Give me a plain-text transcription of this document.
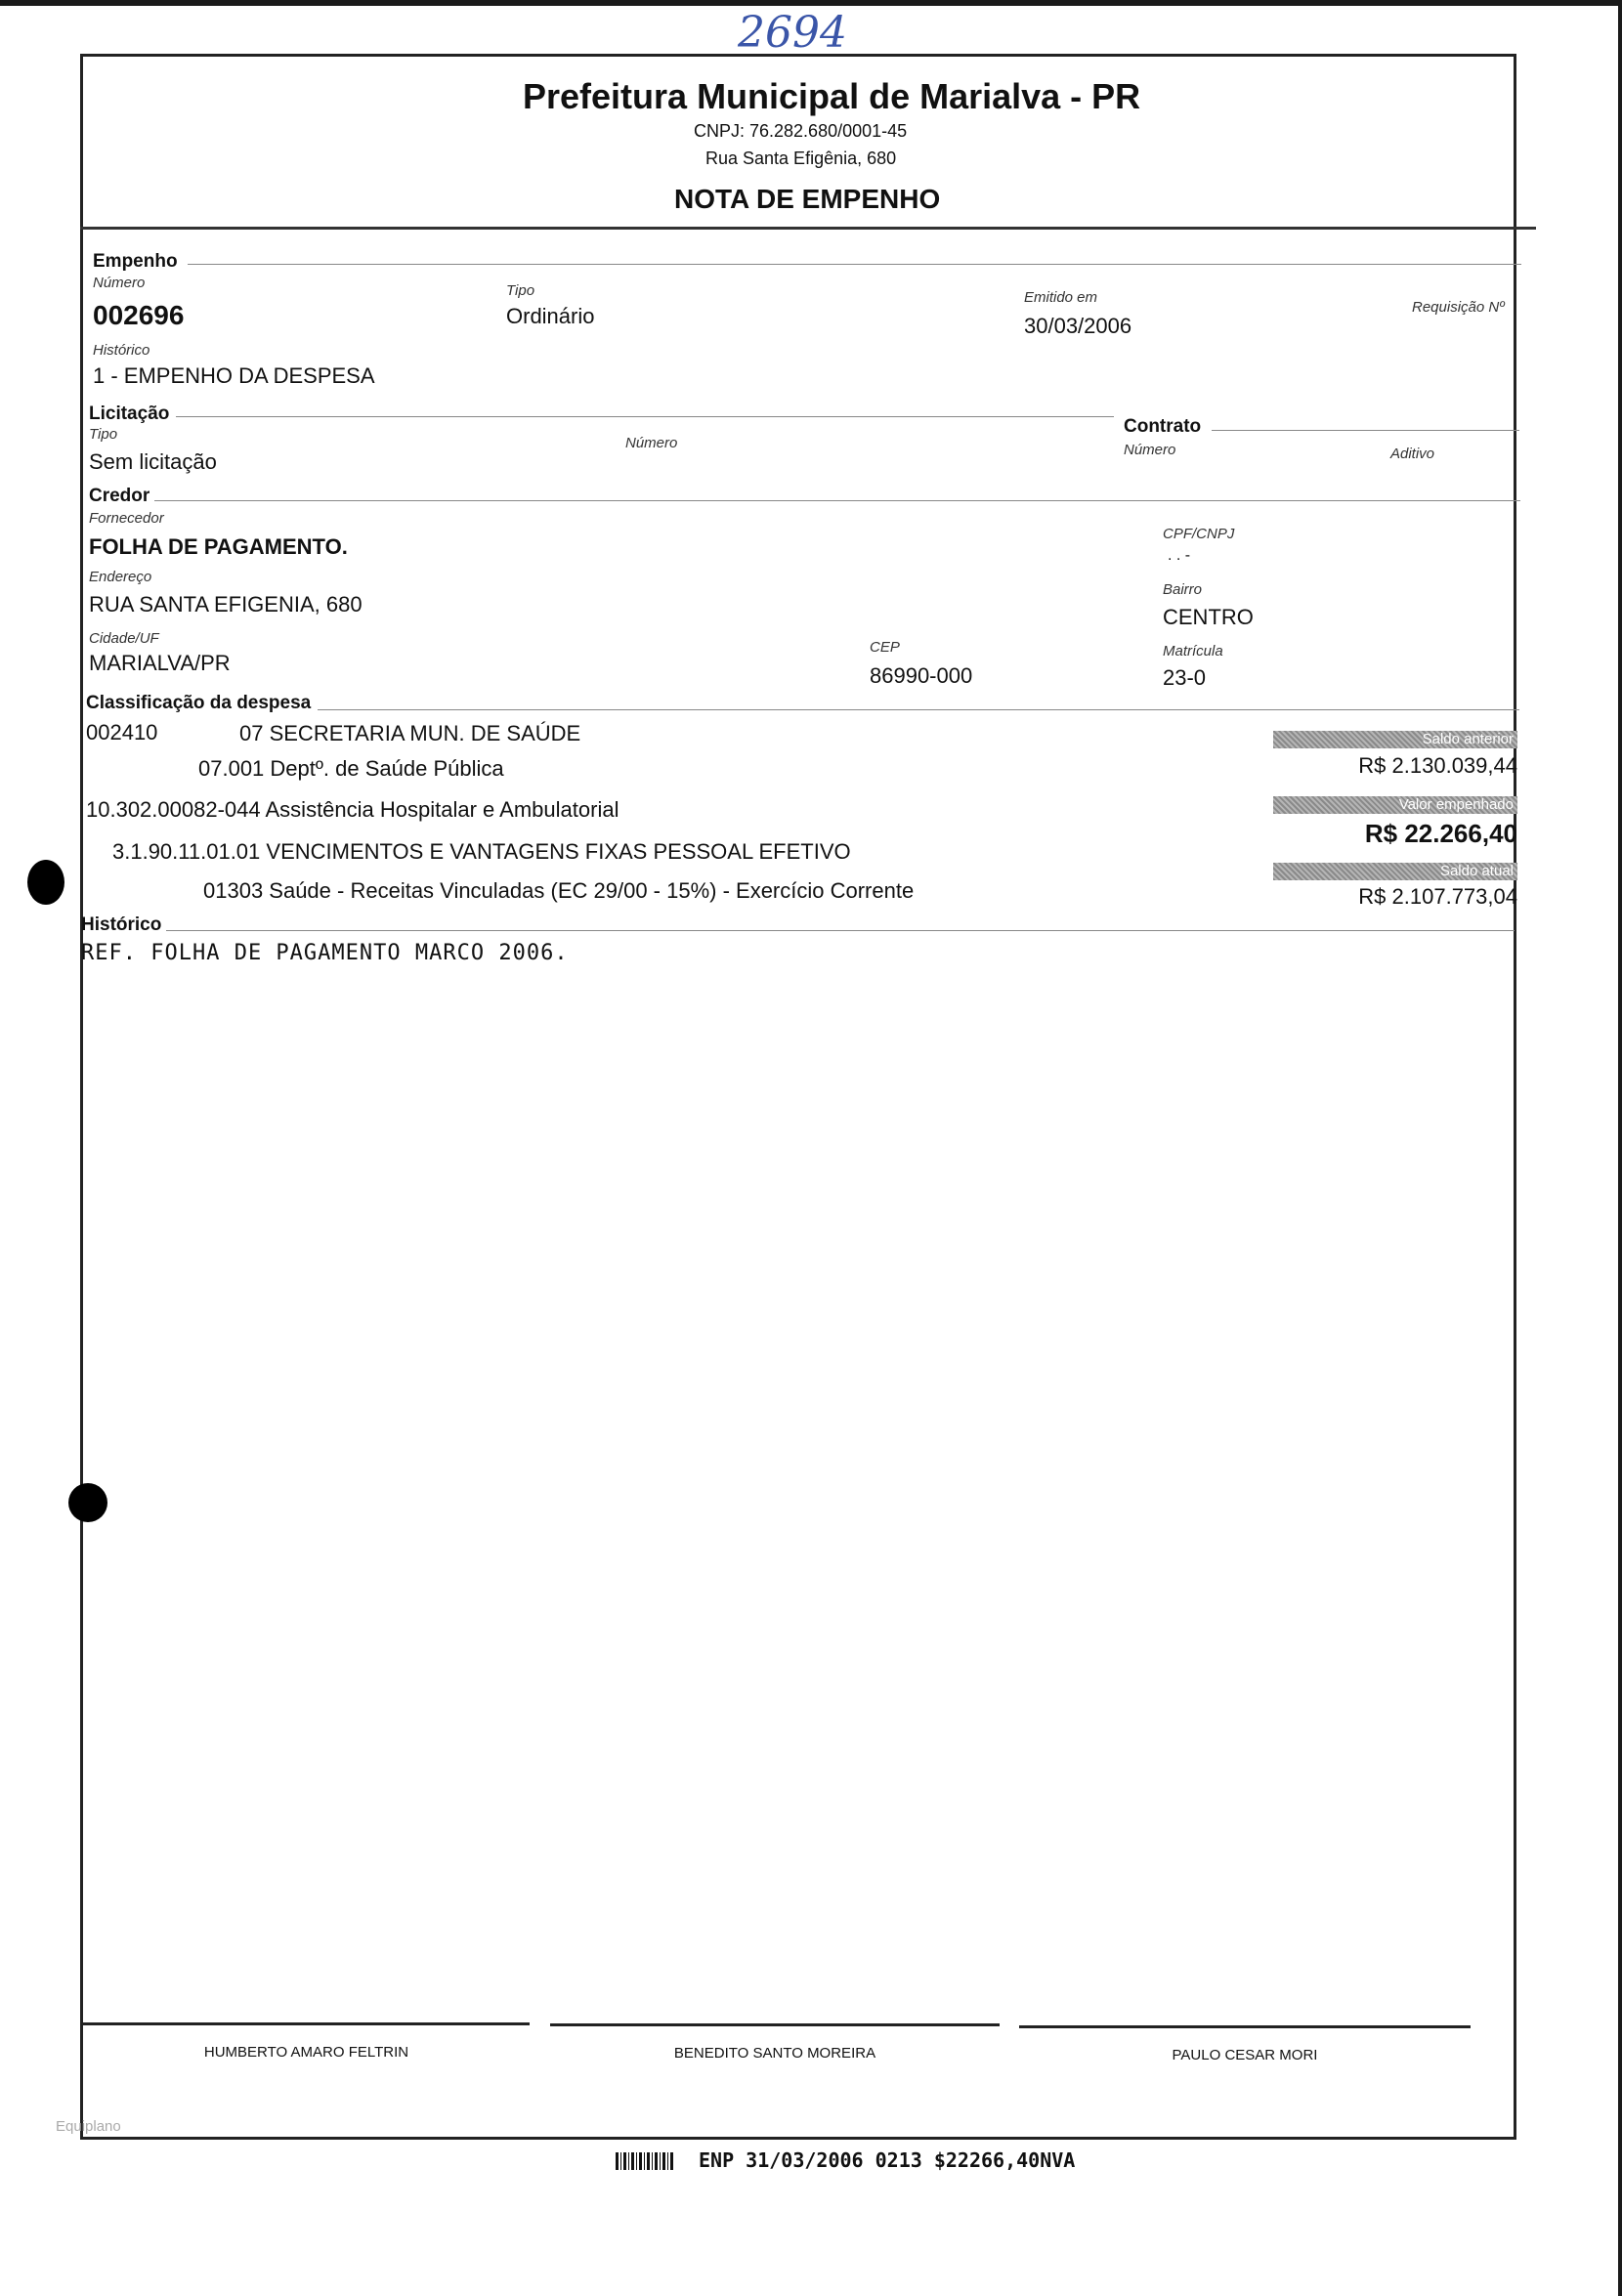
2694
Prefeitura Municipal de Marialva - PR
CNPJ: 76.282.680/0001-45
Rua Santa Efigênia, 680
NOTA DE EMPENHO
Empenho
Número
002696
Tipo
Ordinário
Emitido em
30/03/2006
Requisição Nº
Histórico
1 - EMPENHO DA DESPESA
Licitação
Tipo
Sem licitação
Número
Contrato
Número	Aditivo
Credor
Fornecedor
FOLHA DE PAGAMENTO.
CPF/CNPJ
. . -
Endereço
RUA SANTA EFIGENIA, 680
Bairro
CENTRO
Cidade/UF
MARIALVA/PR
CEP
86990-000
Matrícula
23-0
Classificação da despesa
002410	07 SECRETARIA MUN. DE SAÚDE
07.001 Deptº. de Saúde Pública
10.302.00082-044 Assistência Hospitalar e Ambulatorial
3.1.90.11.01.01 VENCIMENTOS E VANTAGENS FIXAS PESSOAL EFETIVO
01303 Saúde - Receitas Vinculadas (EC 29/00 - 15%) - Exercício Corrente
Saldo anterior
R$ 2.130.039,44
Valor empenhado
R$ 22.266,40
Saldo atual
R$ 2.107.773,04
Histórico
REF. FOLHA DE PAGAMENTO MARCO 2006.
HUMBERTO AMARO FELTRIN	BENEDITO SANTO MOREIRA	PAULO CESAR MORI
Equiplano
ENP 31/03/2006 0213 $22266,40NVA
